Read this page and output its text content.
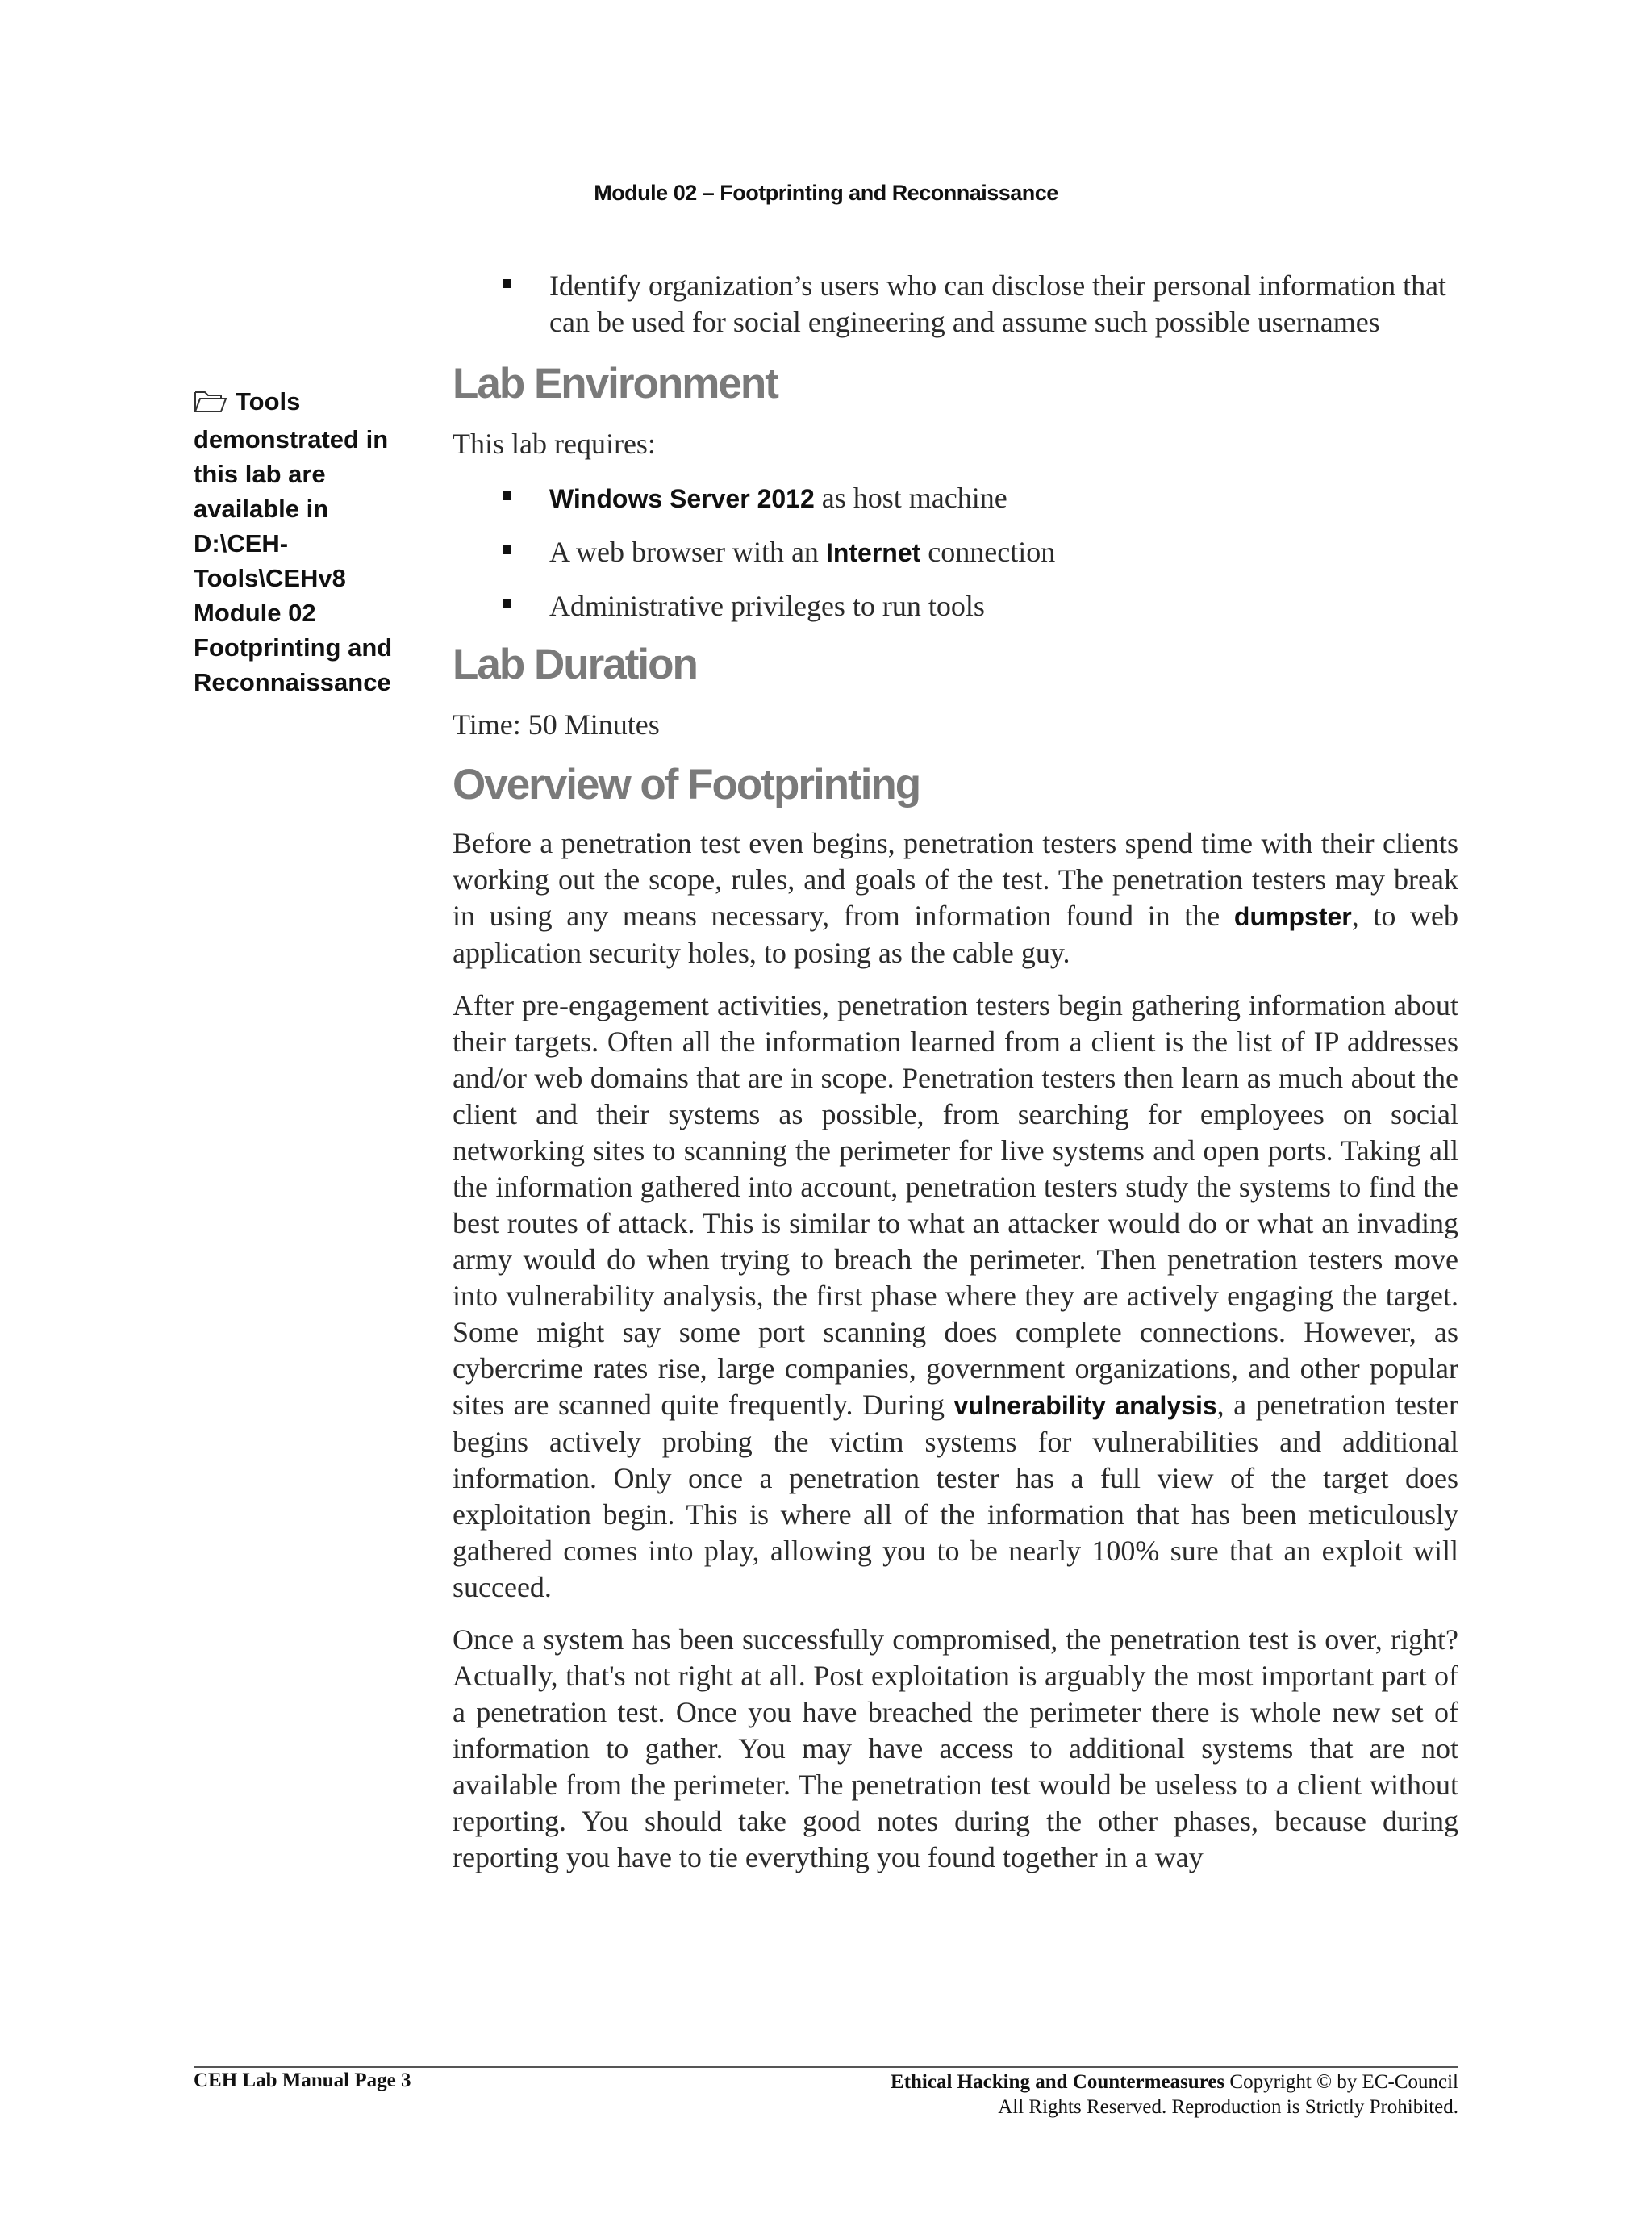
Module 02 – Footprinting and Reconnaissance
Tools demonstrated in this lab are available in D:\CEH-Tools\CEHv8 Module 02 Footprinting and Reconnaissance
Identify organization’s users who can disclose their personal information that can be used for social engineering and assume such possible usernames
Lab Environment

This lab requires:

Windows Server 2012 as host machine
A web browser with an Internet connection
Administrative privileges to run tools
Lab Duration

Time: 50 Minutes

Overview of Footprinting

Before a penetration test even begins, penetration testers spend time with their clients working out the scope, rules, and goals of the test. The penetration testers may break in using any means necessary, from information found in the dumpster, to web application security holes, to posing as the cable guy.

After pre-engagement activities, penetration testers begin gathering information about their targets. Often all the information learned from a client is the list of IP addresses and/or web domains that are in scope. Penetration testers then learn as much about the client and their systems as possible, from searching for employees on social networking sites to scanning the perimeter for live systems and open ports. Taking all the information gathered into account, penetration testers study the systems to find the best routes of attack. This is similar to what an attacker would do or what an invading army would do when trying to breach the perimeter. Then penetration testers move into vulnerability analysis, the first phase where they are actively engaging the target. Some might say some port scanning does complete connections. However, as cybercrime rates rise, large companies, government organizations, and other popular sites are scanned quite frequently. During vulnerability analysis, a penetration tester begins actively probing the victim systems for vulnerabilities and additional information. Only once a penetration tester has a full view of the target does exploitation begin. This is where all of the information that has been meticulously gathered comes into play, allowing you to be nearly 100% sure that an exploit will succeed.

Once a system has been successfully compromised, the penetration test is over, right? Actually, that's not right at all. Post exploitation is arguably the most important part of a penetration test. Once you have breached the perimeter there is whole new set of information to gather. You may have access to additional systems that are not available from the perimeter. The penetration test would be useless to a client without reporting. You should take good notes during the other phases, because during reporting you have to tie everything you found together in a way

CEH Lab Manual Page 3	Ethical Hacking and Countermeasures Copyright © by EC-Council
All Rights Reserved. Reproduction is Strictly Prohibited.
